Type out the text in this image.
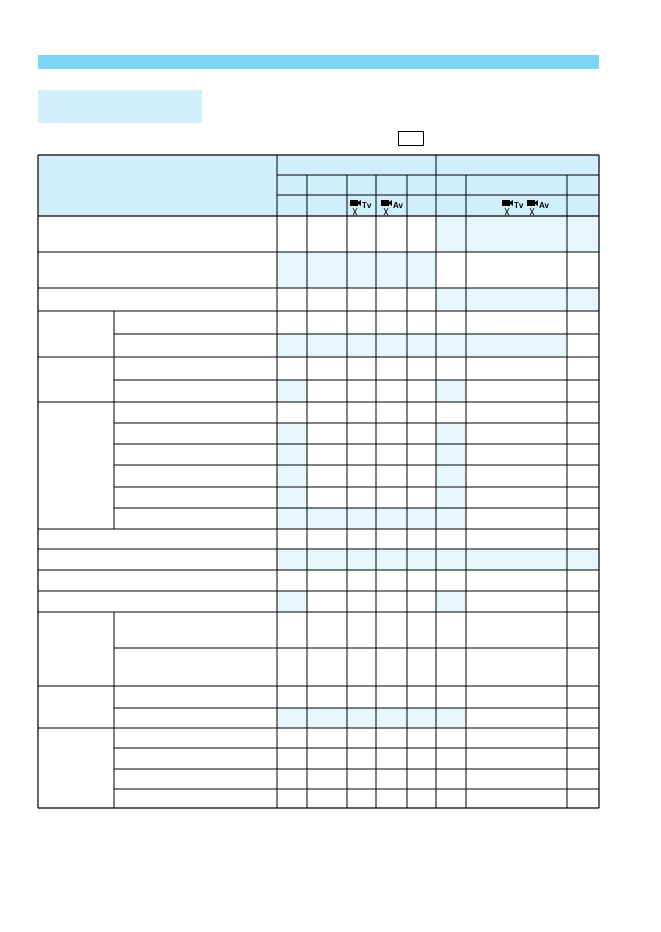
Tv	Av	Tv Av
